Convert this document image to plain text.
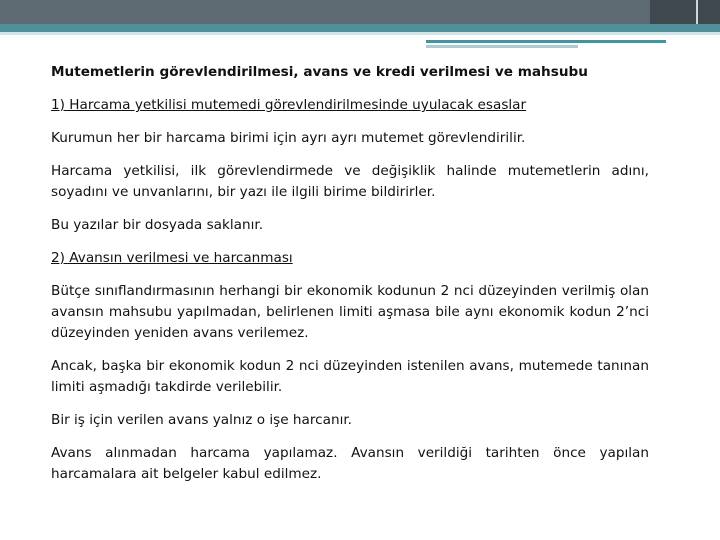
Mutemetlerin görevlendirilmesi, avans ve kredi verilmesi ve mahsubu

1) Harcama yetkilisi mutemedi görevlendirilmesinde uyulacak esaslar

Kurumun her bir harcama birimi için ayrı ayrı mutemet görevlendirilir.

Harcama yetkilisi, ilk görevlendirmede ve değişiklik halinde mutemetlerin adını, soyadını ve unvanlarını, bir yazı ile ilgili birime bildirirler.

Bu yazılar bir dosyada saklanır.

2) Avansın verilmesi ve harcanması

Bütçe sınıflandırmasının herhangi bir ekonomik kodunun 2 nci düzeyinden verilmiş olan avansın mahsubu yapılmadan, belirlenen limiti aşmasa bile aynı ekonomik kodun 2’nci düzeyinden yeniden avans verilemez.

Ancak, başka bir ekonomik kodun 2 nci düzeyinden istenilen avans, mutemede tanınan limiti aşmadığı takdirde verilebilir.

Bir iş için verilen avans yalnız o işe harcanır.

Avans alınmadan harcama yapılamaz. Avansın verildiği tarihten önce yapılan harcamalara ait belgeler kabul edilmez.
